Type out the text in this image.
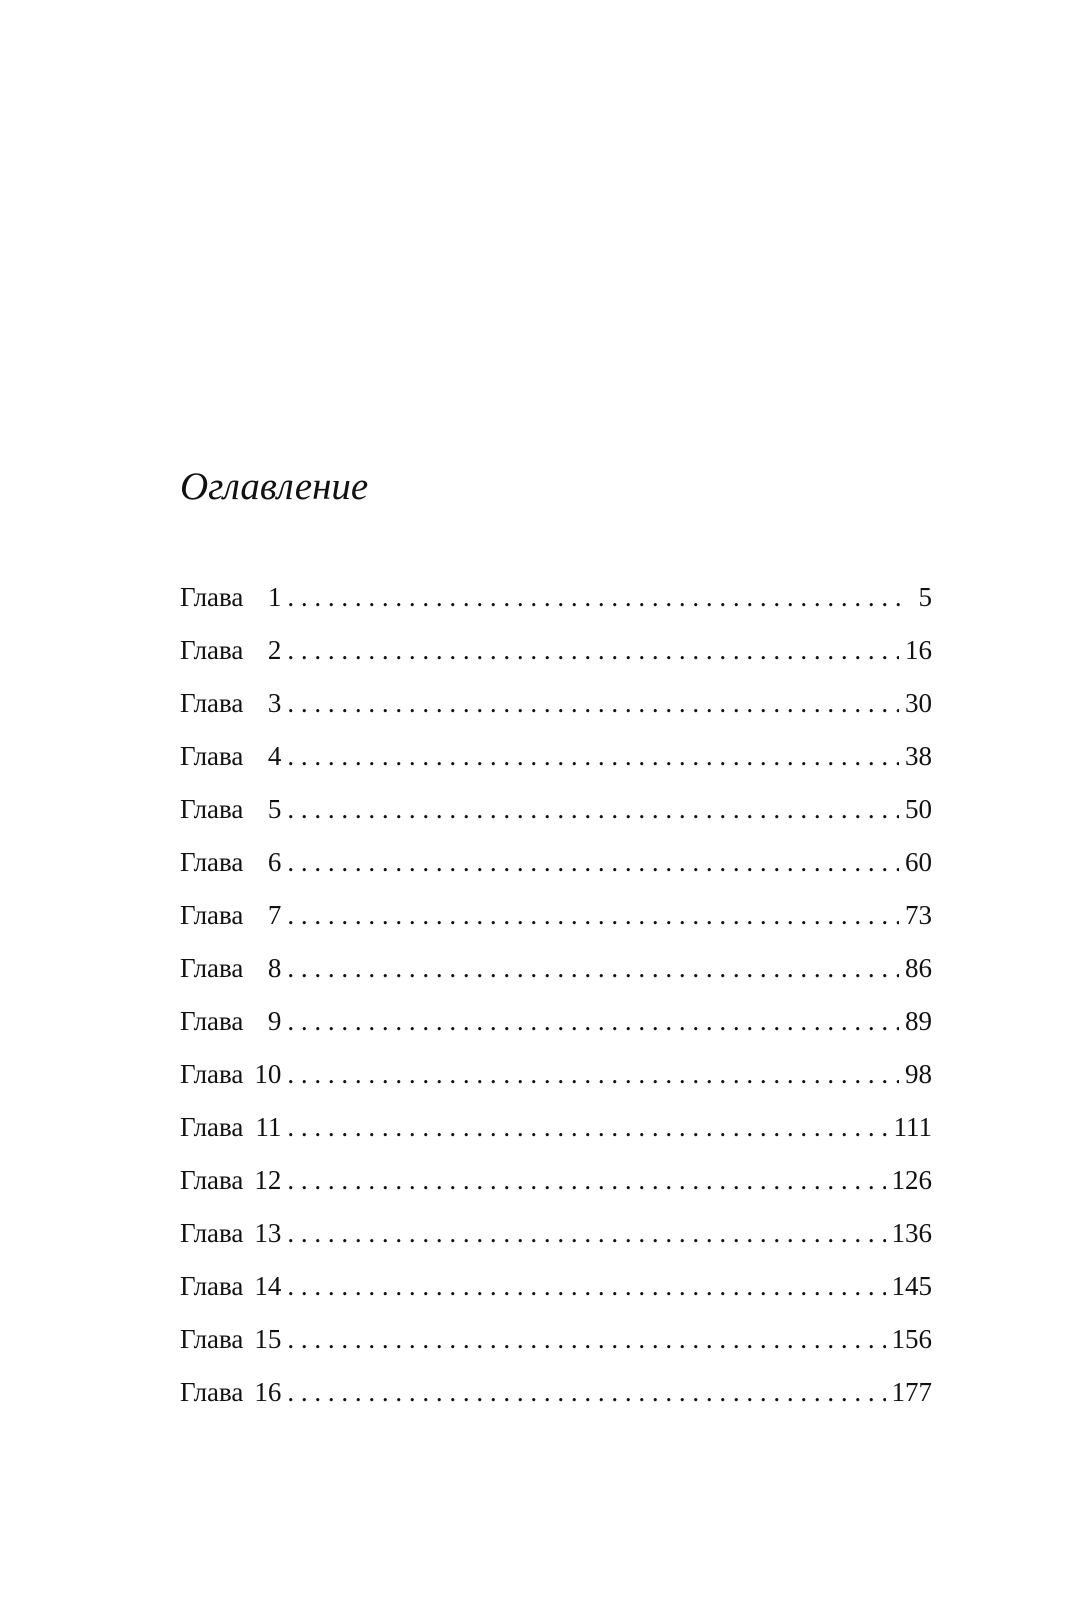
Оглавление
Глава 1 . . .	5
Глава 2 . . .	16
Глава 3 . . .	30
Глава 4 . . .	38
Глава 5 . . .	50
Глава 6 . . .	60
Глава 7 . . .	73
Глава 8 . . .	86
Глава 9 . . .	89
Глава 10 . . .	98
Глава 11 . . .	111
Глава 12 . . .	126
Глава 13 . . .	136
Глава 14 . . .	145
Глава 15 . . .	156
Глава 16 . . .	177
